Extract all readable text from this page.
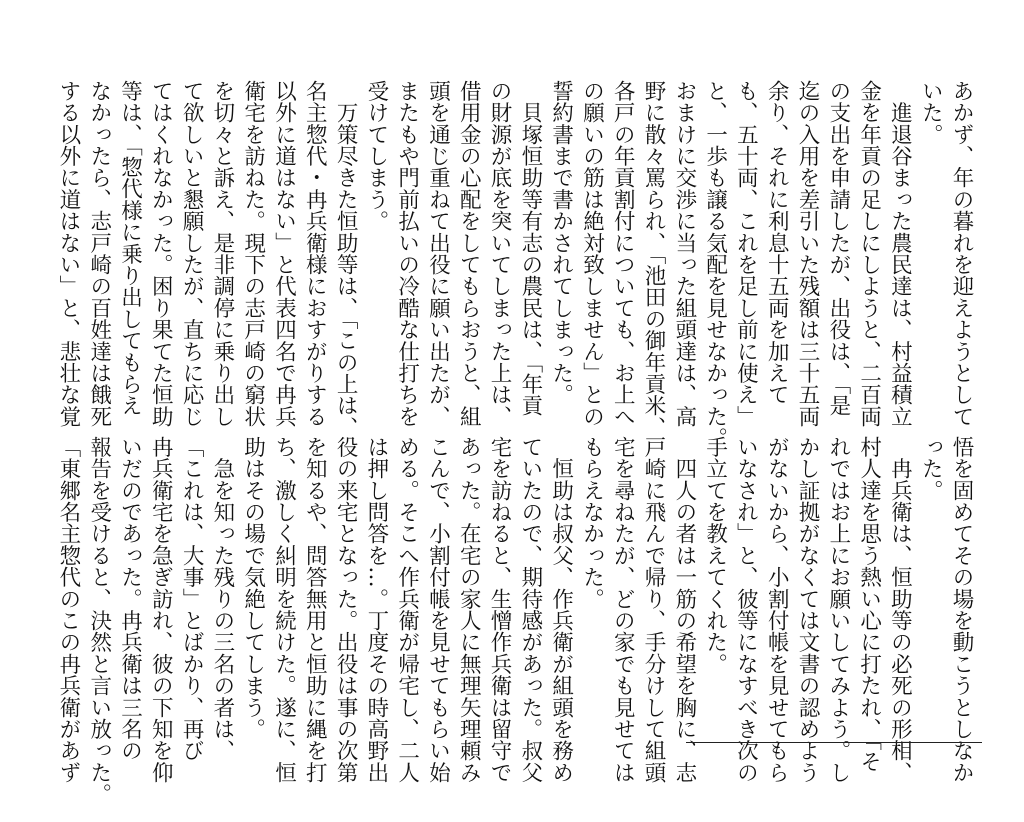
あかず、年の暮れを迎えようとして
いた。
　進退谷まった農民達は、村益積立
金を年貢の足しにしようと、二百両
の支出を申請したが、出役は、「是
迄の入用を差引いた残額は三十五両
余り、それに利息十五両を加えて
も、五十両、これを足し前に使え」
と、一歩も譲る気配を見せなかった。
おまけに交渉に当った組頭達は、高
野に散々罵られ、「池田の御年貢米、
各戸の年貢割付についても、お上へ
の願いの筋は絶対致しません」との
誓約書まで書かされてしまった。
　貝塚恒助等有志の農民は、「年貢
の財源が底を突いてしまった上は、
借用金の心配をしてもらおうと、組
頭を通じ重ねて出役に願い出たが、
またもや門前払いの冷酷な仕打ちを
受けてしまう。
　万策尽きた恒助等は、「この上は、
名主惣代・冉兵衛様におすがりする
以外に道はない」と代表四名で冉兵
衛宅を訪ねた。現下の志戸崎の窮状
を切々と訴え、是非調停に乗り出し
て欲しいと懇願したが、直ちに応じ
てはくれなかった。困り果てた恒助
等は、「惣代様に乗り出してもらえ
なかったら、志戸崎の百姓達は餓死
する以外に道はない」と、悲壮な覚
悟を固めてその場を動こうとしなか
った。
　冉兵衛は、恒助等の必死の形相、
村人達を思う熱い心に打たれ、「そ
れではお上にお願いしてみよう。し
かし証拠がなくては文書の認めよう
がないから、小割付帳を見せてもら
いなされ」と、彼等になすべき次の
手立てを教えてくれた。
　四人の者は一筋の希望を胸に、志
戸崎に飛んで帰り、手分けして組頭
宅を尋ねたが、どの家でも見せては
もらえなかった。
　恒助は叔父、作兵衛が組頭を務め
ていたので、期待感があった。叔父
宅を訪ねると、生憎作兵衛は留守で
あった。在宅の家人に無理矢理頼み
こんで、小割付帳を見せてもらい始
める。そこへ作兵衛が帰宅し、二人
は押し問答を…。丁度その時高野出
役の来宅となった。出役は事の次第
を知るや、問答無用と恒助に縄を打
ち、激しく糾明を続けた。遂に、恒
助はその場で気絶してしまう。
　急を知った残りの三名の者は、
「これは、大事」とばかり、再び
冉兵衛宅を急ぎ訪れ、彼の下知を仰
いだのであった。冉兵衛は三名の
報告を受けると、決然と言い放った。
「東郷名主惣代のこの冉兵衛があず
